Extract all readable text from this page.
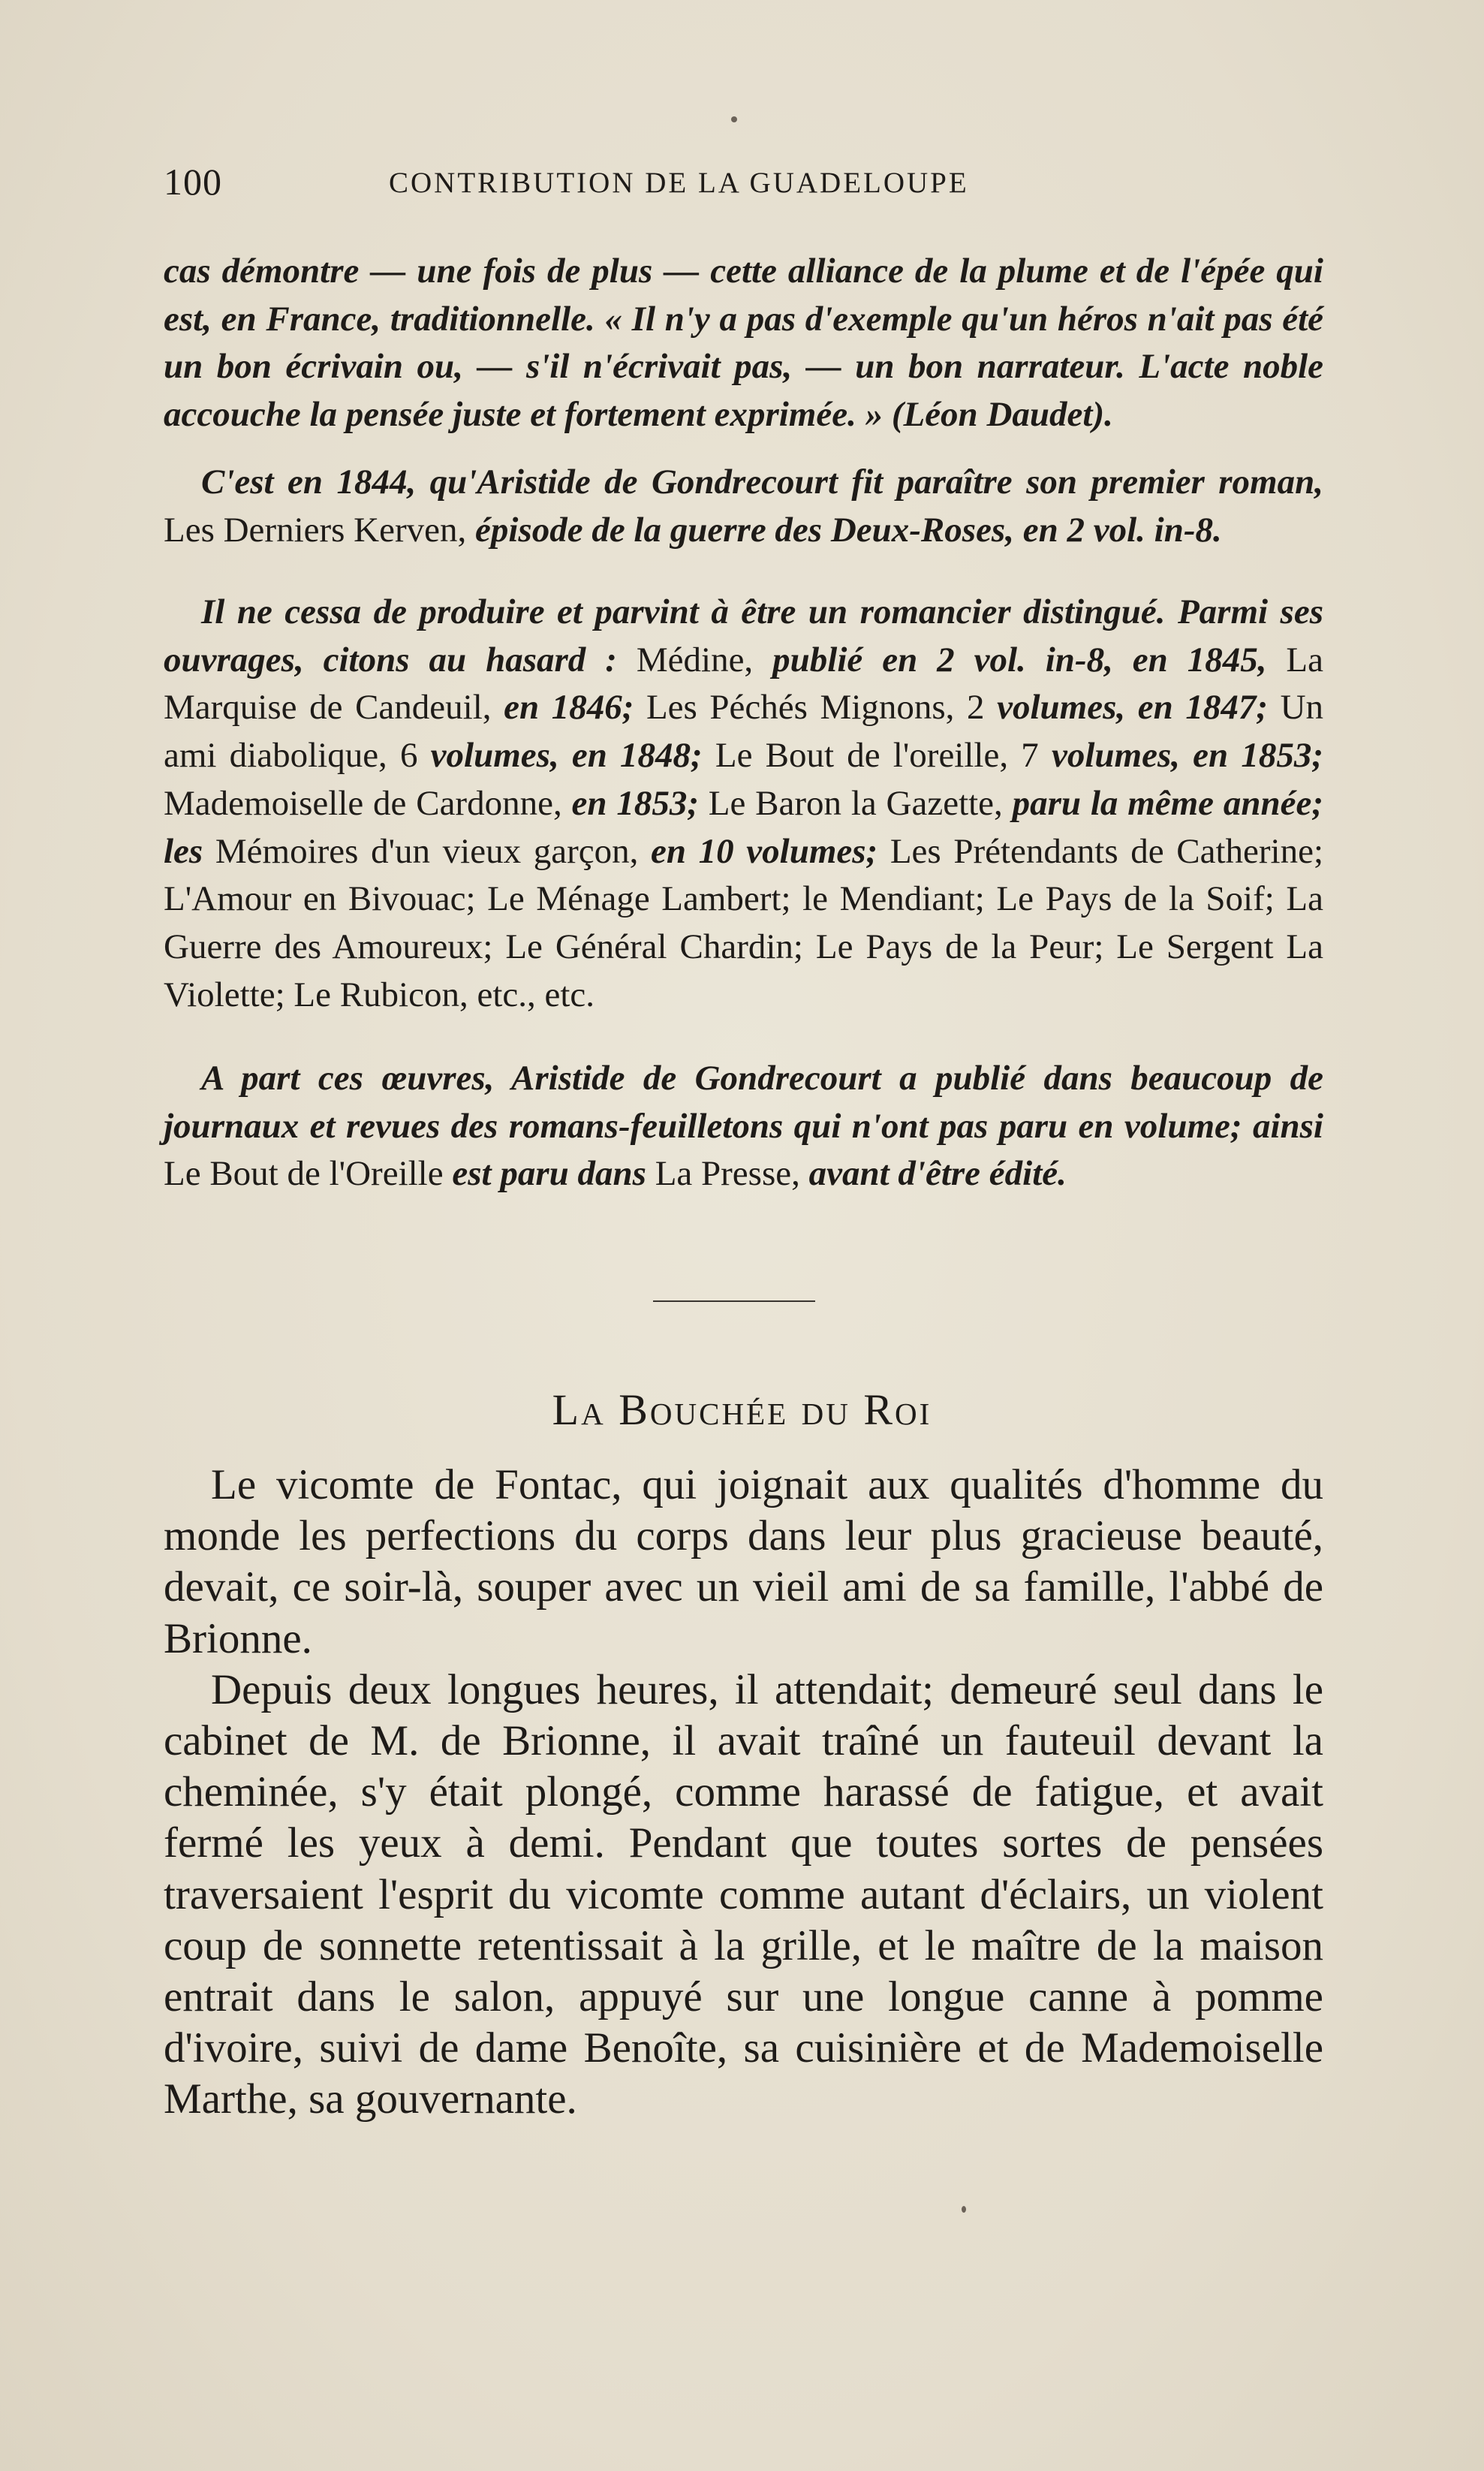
100	CONTRIBUTION DE LA GUADELOUPE

cas démontre — une fois de plus — cette alliance de la plume et de l'épée qui est, en France, traditionnelle. « Il n'y a pas d'exemple qu'un héros n'ait pas été un bon écrivain ou, — s'il n'écrivait pas, — un bon narrateur. L'acte noble accouche la pensée juste et fortement exprimée. » (Léon Daudet).

C'est en 1844, qu'Aristide de Gondrecourt fit paraître son premier roman, Les Derniers Kerven, épisode de la guerre des Deux-Roses, en 2 vol. in-8.

Il ne cessa de produire et parvint à être un romancier distingué. Parmi ses ouvrages, citons au hasard : Médine, publié en 2 vol. in-8, en 1845, La Marquise de Candeuil, en 1846; Les Péchés Mignons, 2 volumes, en 1847; Un ami diabolique, 6 volumes, en 1848; Le Bout de l'oreille, 7 volumes, en 1853; Mademoiselle de Cardonne, en 1853; Le Baron la Gazette, paru la même année; les Mémoires d'un vieux garçon, en 10 volumes; Les Prétendants de Catherine; L'Amour en Bivouac; Le Ménage Lambert; le Mendiant; Le Pays de la Soif; La Guerre des Amoureux; Le Général Chardin; Le Pays de la Peur; Le Sergent La Violette; Le Rubicon, etc., etc.

A part ces œuvres, Aristide de Gondrecourt a publié dans beaucoup de journaux et revues des romans-feuilletons qui n'ont pas paru en volume; ainsi Le Bout de l'Oreille est paru dans La Presse, avant d'être édité.

La Bouchée du Roi

Le vicomte de Fontac, qui joignait aux qualités d'homme du monde les perfections du corps dans leur plus gracieuse beauté, devait, ce soir-là, souper avec un vieil ami de sa famille, l'abbé de Brionne.

Depuis deux longues heures, il attendait; demeuré seul dans le cabinet de M. de Brionne, il avait traîné un fauteuil devant la cheminée, s'y était plongé, comme harassé de fatigue, et avait fermé les yeux à demi. Pendant que toutes sortes de pensées traversaient l'esprit du vicomte comme autant d'éclairs, un violent coup de sonnette retentissait à la grille, et le maître de la maison entrait dans le salon, appuyé sur une longue canne à pomme d'ivoire, suivi de dame Benoîte, sa cuisinière et de Mademoiselle Marthe, sa gouvernante.
